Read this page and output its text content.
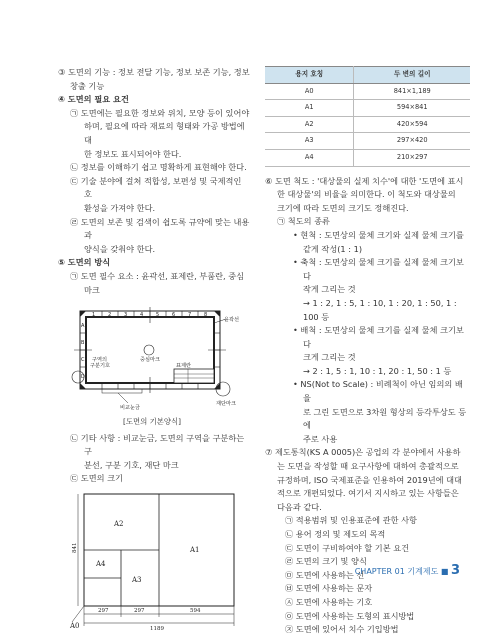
③ 도면의 기능 : 정보 전달 기능, 정보 보존 기능, 정보

창출 기능

④ 도면의 필요 요건

㉠ 도면에는 필요한 정보와 위치, 모양 등이 있어야

하며, 필요에 따라 재료의 형태와 가공 방법에 대

한 정보도 표시되어야 한다.

㉡ 정보를 이해하기 쉽고 명확하게 표현해야 한다.

㉢ 기술 분야에 걸쳐 적합성, 보편성 및 국제적인 호

환성을 가져야 한다.

㉣ 도면의 보존 및 검색이 쉽도록 규약에 맞는 내용과

양식을 갖춰야 한다.

⑤ 도면의 방식

㉠ 도면 필수 요소 : 윤곽선, 표제란, 부품란, 중심

마크

1	2	3	4	5	6	7	8
A
B
C
D
윤곽선
구역의
구분기호
중심마크
표제란
비교눈금
재단마크

[도면의 기본양식]

㉡ 기타 사항 : 비교눈금, 도면의 구역을 구분하는 구

분선, 구분 기호, 재단 마크

㉢ 도면의 크기

A2
A1
A3
A4
A0
297	297	594
1189
841
용지 호칭	두 변의 길이
A0	841×1,189
A1	594×841
A2	420×594
A3	297×420
A4	210×297

⑥ 도면 척도 : '대상물의 실제 치수'에 대한 '도면에 표시

한 대상물'의 비율을 의미한다. 이 척도와 대상물의

크기에 따라 도면의 크기도 정해진다.

㉠ 척도의 종류

• 현척 : 도면상의 물체 크기와 실제 물체 크기를

같게 작성(1 : 1)

• 축척 : 도면상의 물체 크기를 실제 물체 크기보다

작게 그리는 것

→ 1 : 2, 1 : 5, 1 : 10, 1 : 20, 1 : 50, 1 : 100 등

• 배척 : 도면상의 물체 크기를 실제 물체 크기보다

크게 그리는 것

→ 2 : 1, 5 : 1, 10 : 1, 20 : 1, 50 : 1 등

• NS(Not to Scale) : 비례척이 아닌 임의의 배율

로 그린 도면으로 3차원 형상의 등각투상도 등에

주로 사용

⑦ 제도통칙(KS A 0005)은 공업의 각 분야에서 사용하

는 도면을 작성할 때 요구사항에 대하여 총괄적으로

규정하며, ISO 국제표준을 인용하여 2019년에 대대

적으로 개편되었다. 여기서 지시하고 있는 사항들은

다음과 같다.

㉠ 적용범위 및 인용표준에 관한 사항

㉡ 용어 정의 및 제도의 목적

㉢ 도면이 구비하여야 할 기본 요건

㉣ 도면의 크기 및 양식

㉤ 도면에 사용하는 선

㉥ 도면에 사용하는 문자

㉦ 도면에 사용하는 기호

㉧ 도면에 사용하는 도형의 표시방법

㉨ 도면에 있어서 치수 기입방법

CHAPTER 01 기계제도 ■ 3
